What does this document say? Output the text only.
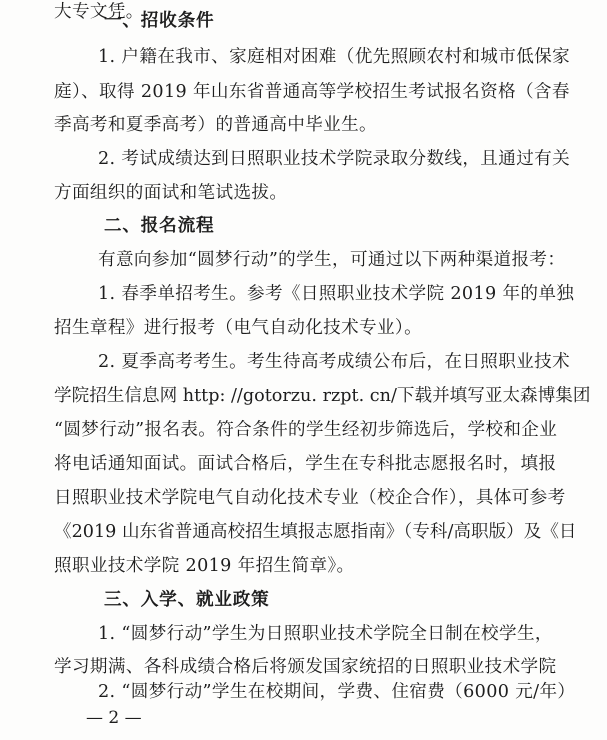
一、招收条件
1. 户籍在我市、家庭相对困难（优先照顾农村和城市低保家
庭）、取得 2019 年山东省普通高等学校招生考试报名资格（含春
季高考和夏季高考）的普通高中毕业生。
2. 考试成绩达到日照职业技术学院录取分数线，且通过有关
方面组织的面试和笔试选拔。
二、报名流程
有意向参加“圆梦行动”的学生，可通过以下两种渠道报考：
1. 春季单招考生。参考《日照职业技术学院 2019 年的单独
招生章程》进行报考（电气自动化技术专业）。
2. 夏季高考考生。考生待高考成绩公布后，在日照职业技术
学院招生信息网 http: //gotorzu. rzpt. cn/下载并填写亚太森博集团
“圆梦行动”报名表。符合条件的学生经初步筛选后，学校和企业
将电话通知面试。面试合格后，学生在专科批志愿报名时，填报
日照职业技术学院电气自动化技术专业（校企合作），具体可参考
《2019 山东省普通高校招生填报志愿指南》（专科/高职版）及《日
照职业技术学院 2019 年招生简章》。
三、入学、就业政策
1. “圆梦行动”学生为日照职业技术学院全日制在校学生，
学习期满、各科成绩合格后将颁发国家统招的日照职业技术学院
大专文凭。
2. “圆梦行动”学生在校期间，学费、住宿费（6000 元/年）
— 2 —
